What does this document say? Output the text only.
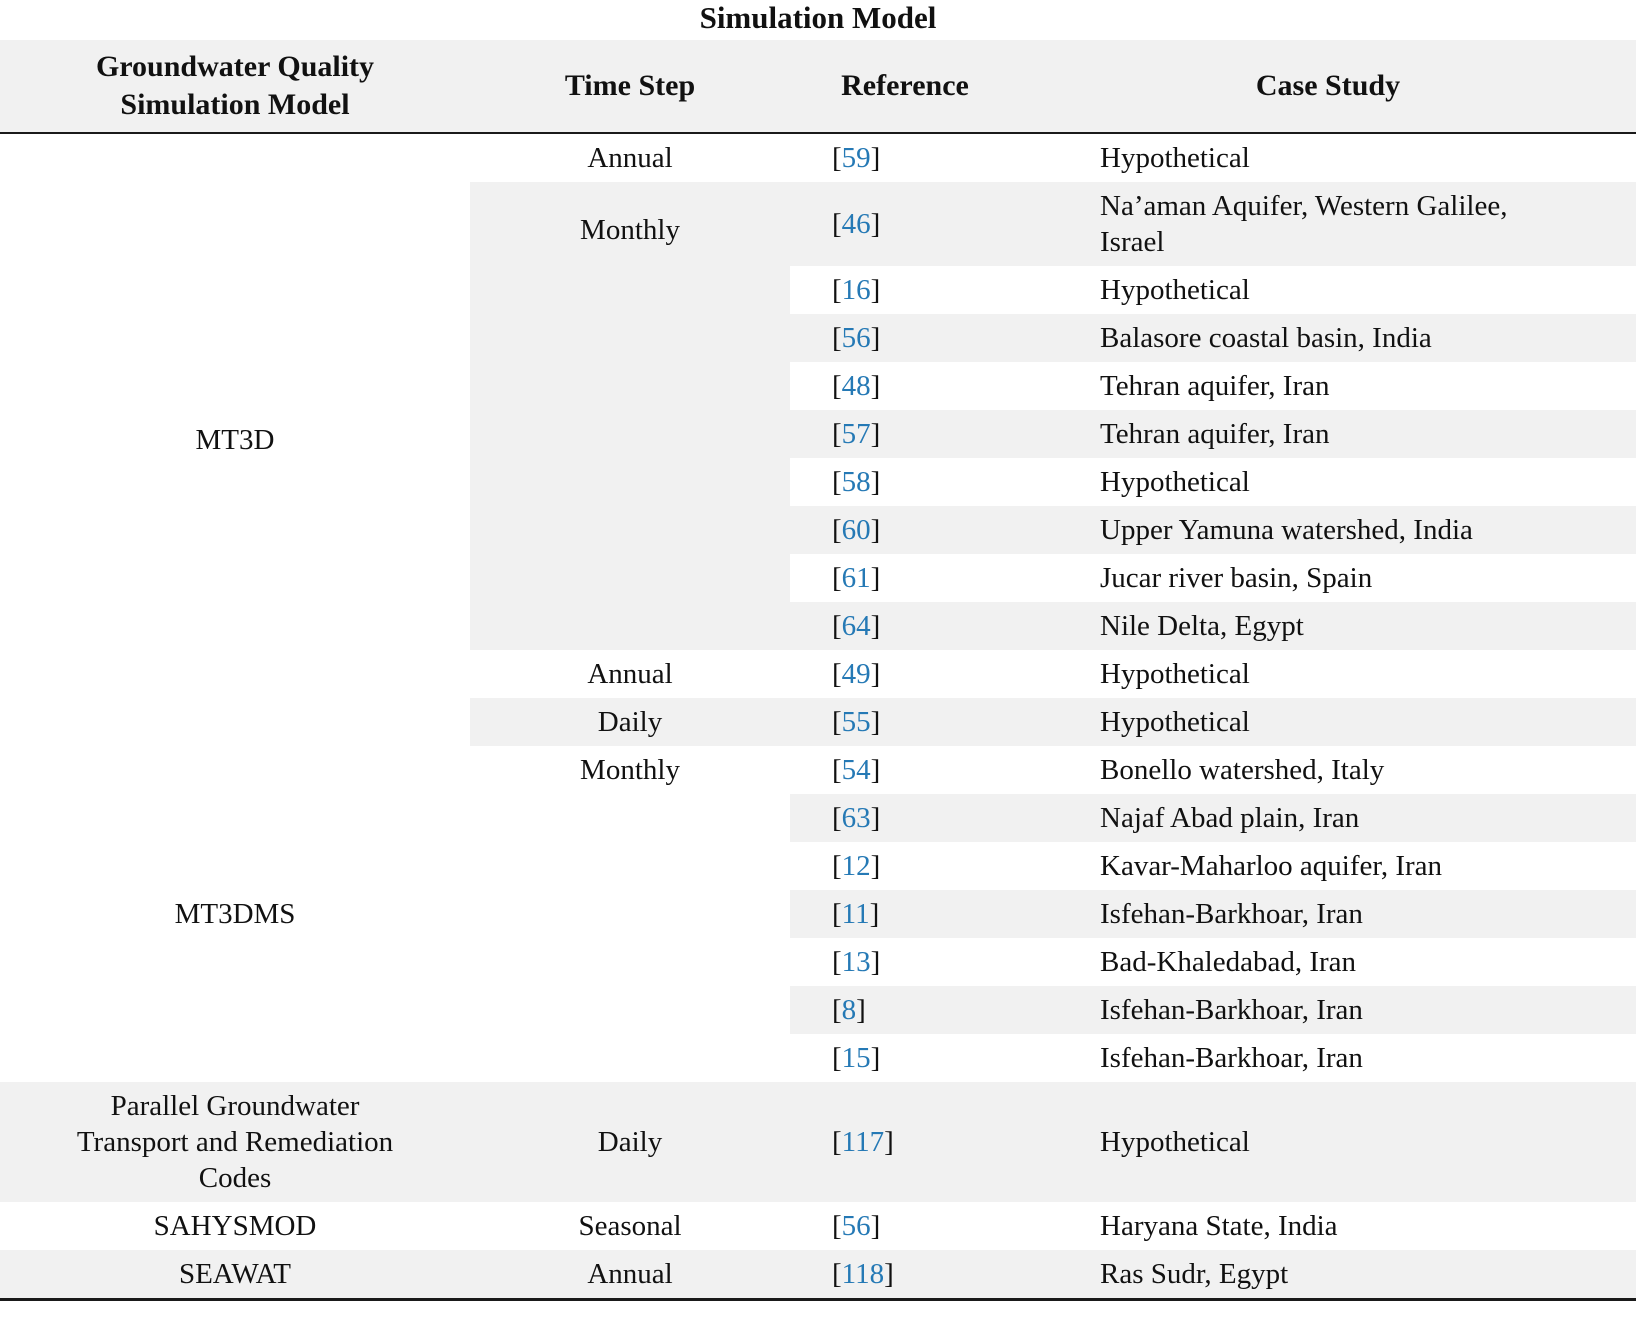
Simulation Model
Groundwater Quality Simulation Model	Time Step	Reference	Case Study
MT3D	Annual	[59]	Hypothetical
	Monthly	[46]	Na’aman Aquifer, Western Galilee, Israel
		[16]	Hypothetical
		[56]	Balasore coastal basin, India
		[48]	Tehran aquifer, Iran
		[57]	Tehran aquifer, Iran
		[58]	Hypothetical
		[60]	Upper Yamuna watershed, India
		[61]	Jucar river basin, Spain
		[64]	Nile Delta, Egypt
	Annual	[49]	Hypothetical
	Daily	[55]	Hypothetical
MT3DMS	Monthly	[54]	Bonello watershed, Italy
		[63]	Najaf Abad plain, Iran
		[12]	Kavar-Maharloo aquifer, Iran
		[11]	Isfehan-Barkhoar, Iran
		[13]	Bad-Khaledabad, Iran
		[8]	Isfehan-Barkhoar, Iran
		[15]	Isfehan-Barkhoar, Iran
Parallel Groundwater Transport and Remediation Codes	Daily	[117]	Hypothetical
SAHYSMOD	Seasonal	[56]	Haryana State, India
SEAWAT	Annual	[118]	Ras Sudr, Egypt
